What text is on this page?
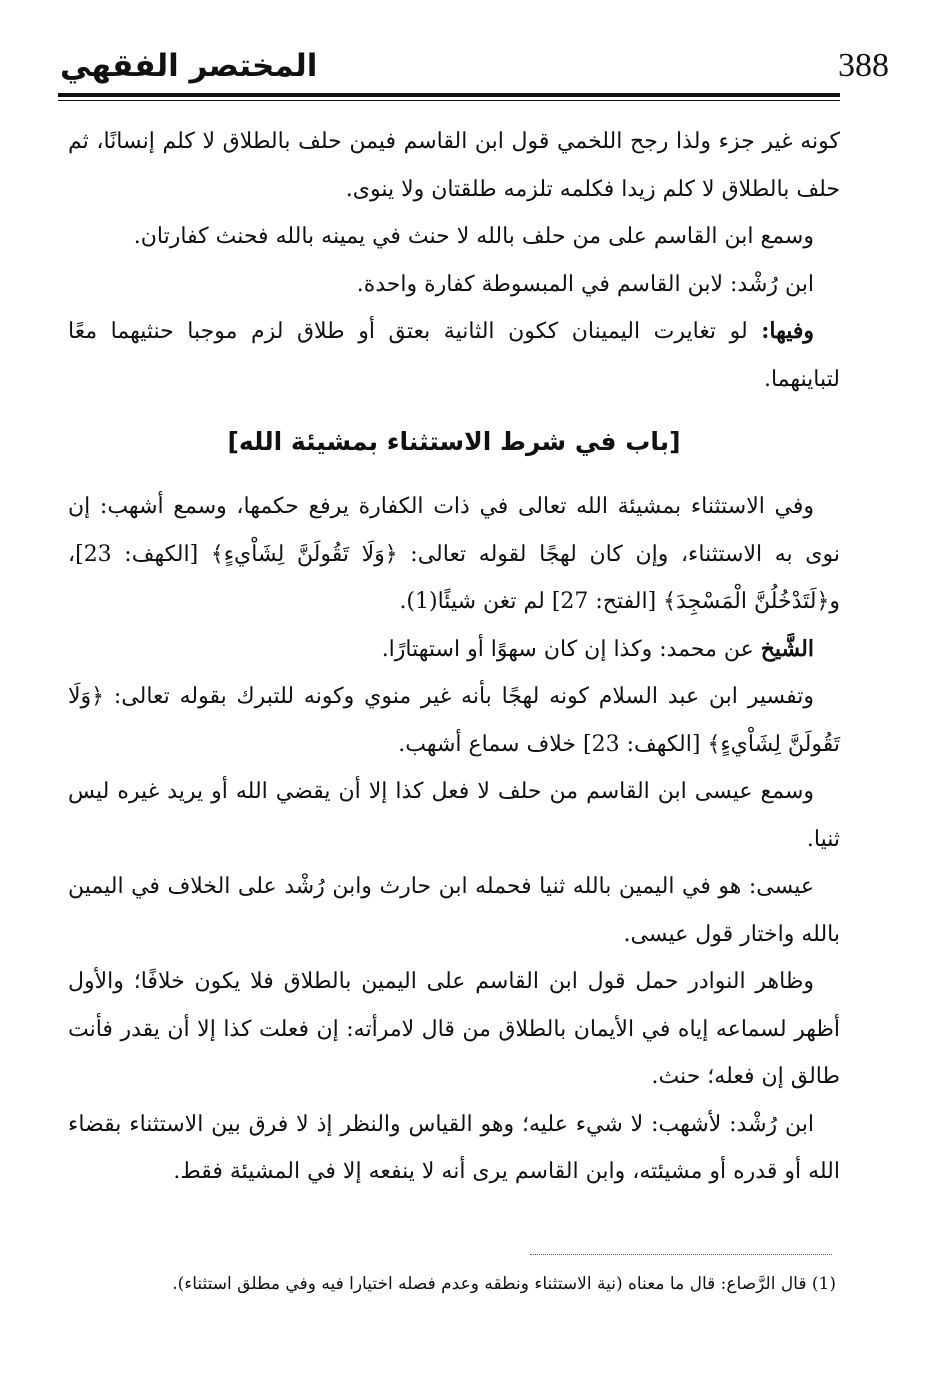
المختصر الفقهي	388

كونه غير جزء ولذا رجح اللخمي قول ابن القاسم فيمن حلف بالطلاق لا كلم إنسانًا، ثم حلف بالطلاق لا كلم زيدا فكلمه تلزمه طلقتان ولا ينوى.

وسمع ابن القاسم على من حلف بالله لا حنث في يمينه بالله فحنث كفارتان.

ابن رُشْد: لابن القاسم في المبسوطة كفارة واحدة.

وفيها: لو تغايرت اليمينان ككون الثانية بعتق أو طلاق لزم موجبا حنثيهما معًا لتباينهما.

[باب في شرط الاستثناء بمشيئة الله]

وفي الاستثناء بمشيئة الله تعالى في ذات الكفارة يرفع حكمها، وسمع أشهب: إن نوى به الاستثناء، وإن كان لهجًا لقوله تعالى: ﴿وَلَا تَقُولَنَّ لِشَاْيءٍ﴾ [الكهف: 23]، و﴿لَتَدْخُلُنَّ الْمَسْجِدَ﴾ [الفتح: 27] لم تغن شيئًا(1).

الشَّيخ عن محمد: وكذا إن كان سهوًا أو استهتارًا.

وتفسير ابن عبد السلام كونه لهجًا بأنه غير منوي وكونه للتبرك بقوله تعالى: ﴿وَلَا تَقُولَنَّ لِشَاْيءٍ﴾ [الكهف: 23] خلاف سماع أشهب.

وسمع عيسى ابن القاسم من حلف لا فعل كذا إلا أن يقضي الله أو يريد غيره ليس ثنيا.

عيسى: هو في اليمين بالله ثنيا فحمله ابن حارث وابن رُشْد على الخلاف في اليمين بالله واختار قول عيسى.

وظاهر النوادر حمل قول ابن القاسم على اليمين بالطلاق فلا يكون خلافًا؛ والأول أظهر لسماعه إياه في الأيمان بالطلاق من قال لامرأته: إن فعلت كذا إلا أن يقدر فأنت طالق إن فعله؛ حنث.

ابن رُشْد: لأشهب: لا شيء عليه؛ وهو القياس والنظر إذ لا فرق بين الاستثناء بقضاء الله أو قدره أو مشيئته، وابن القاسم يرى أنه لا ينفعه إلا في المشيئة فقط.

(1) قال الرَّصاع: قال ما معناه (نية الاستثناء ونطقه وعدم فصله اختيارا فيه وفي مطلق استثناء).
